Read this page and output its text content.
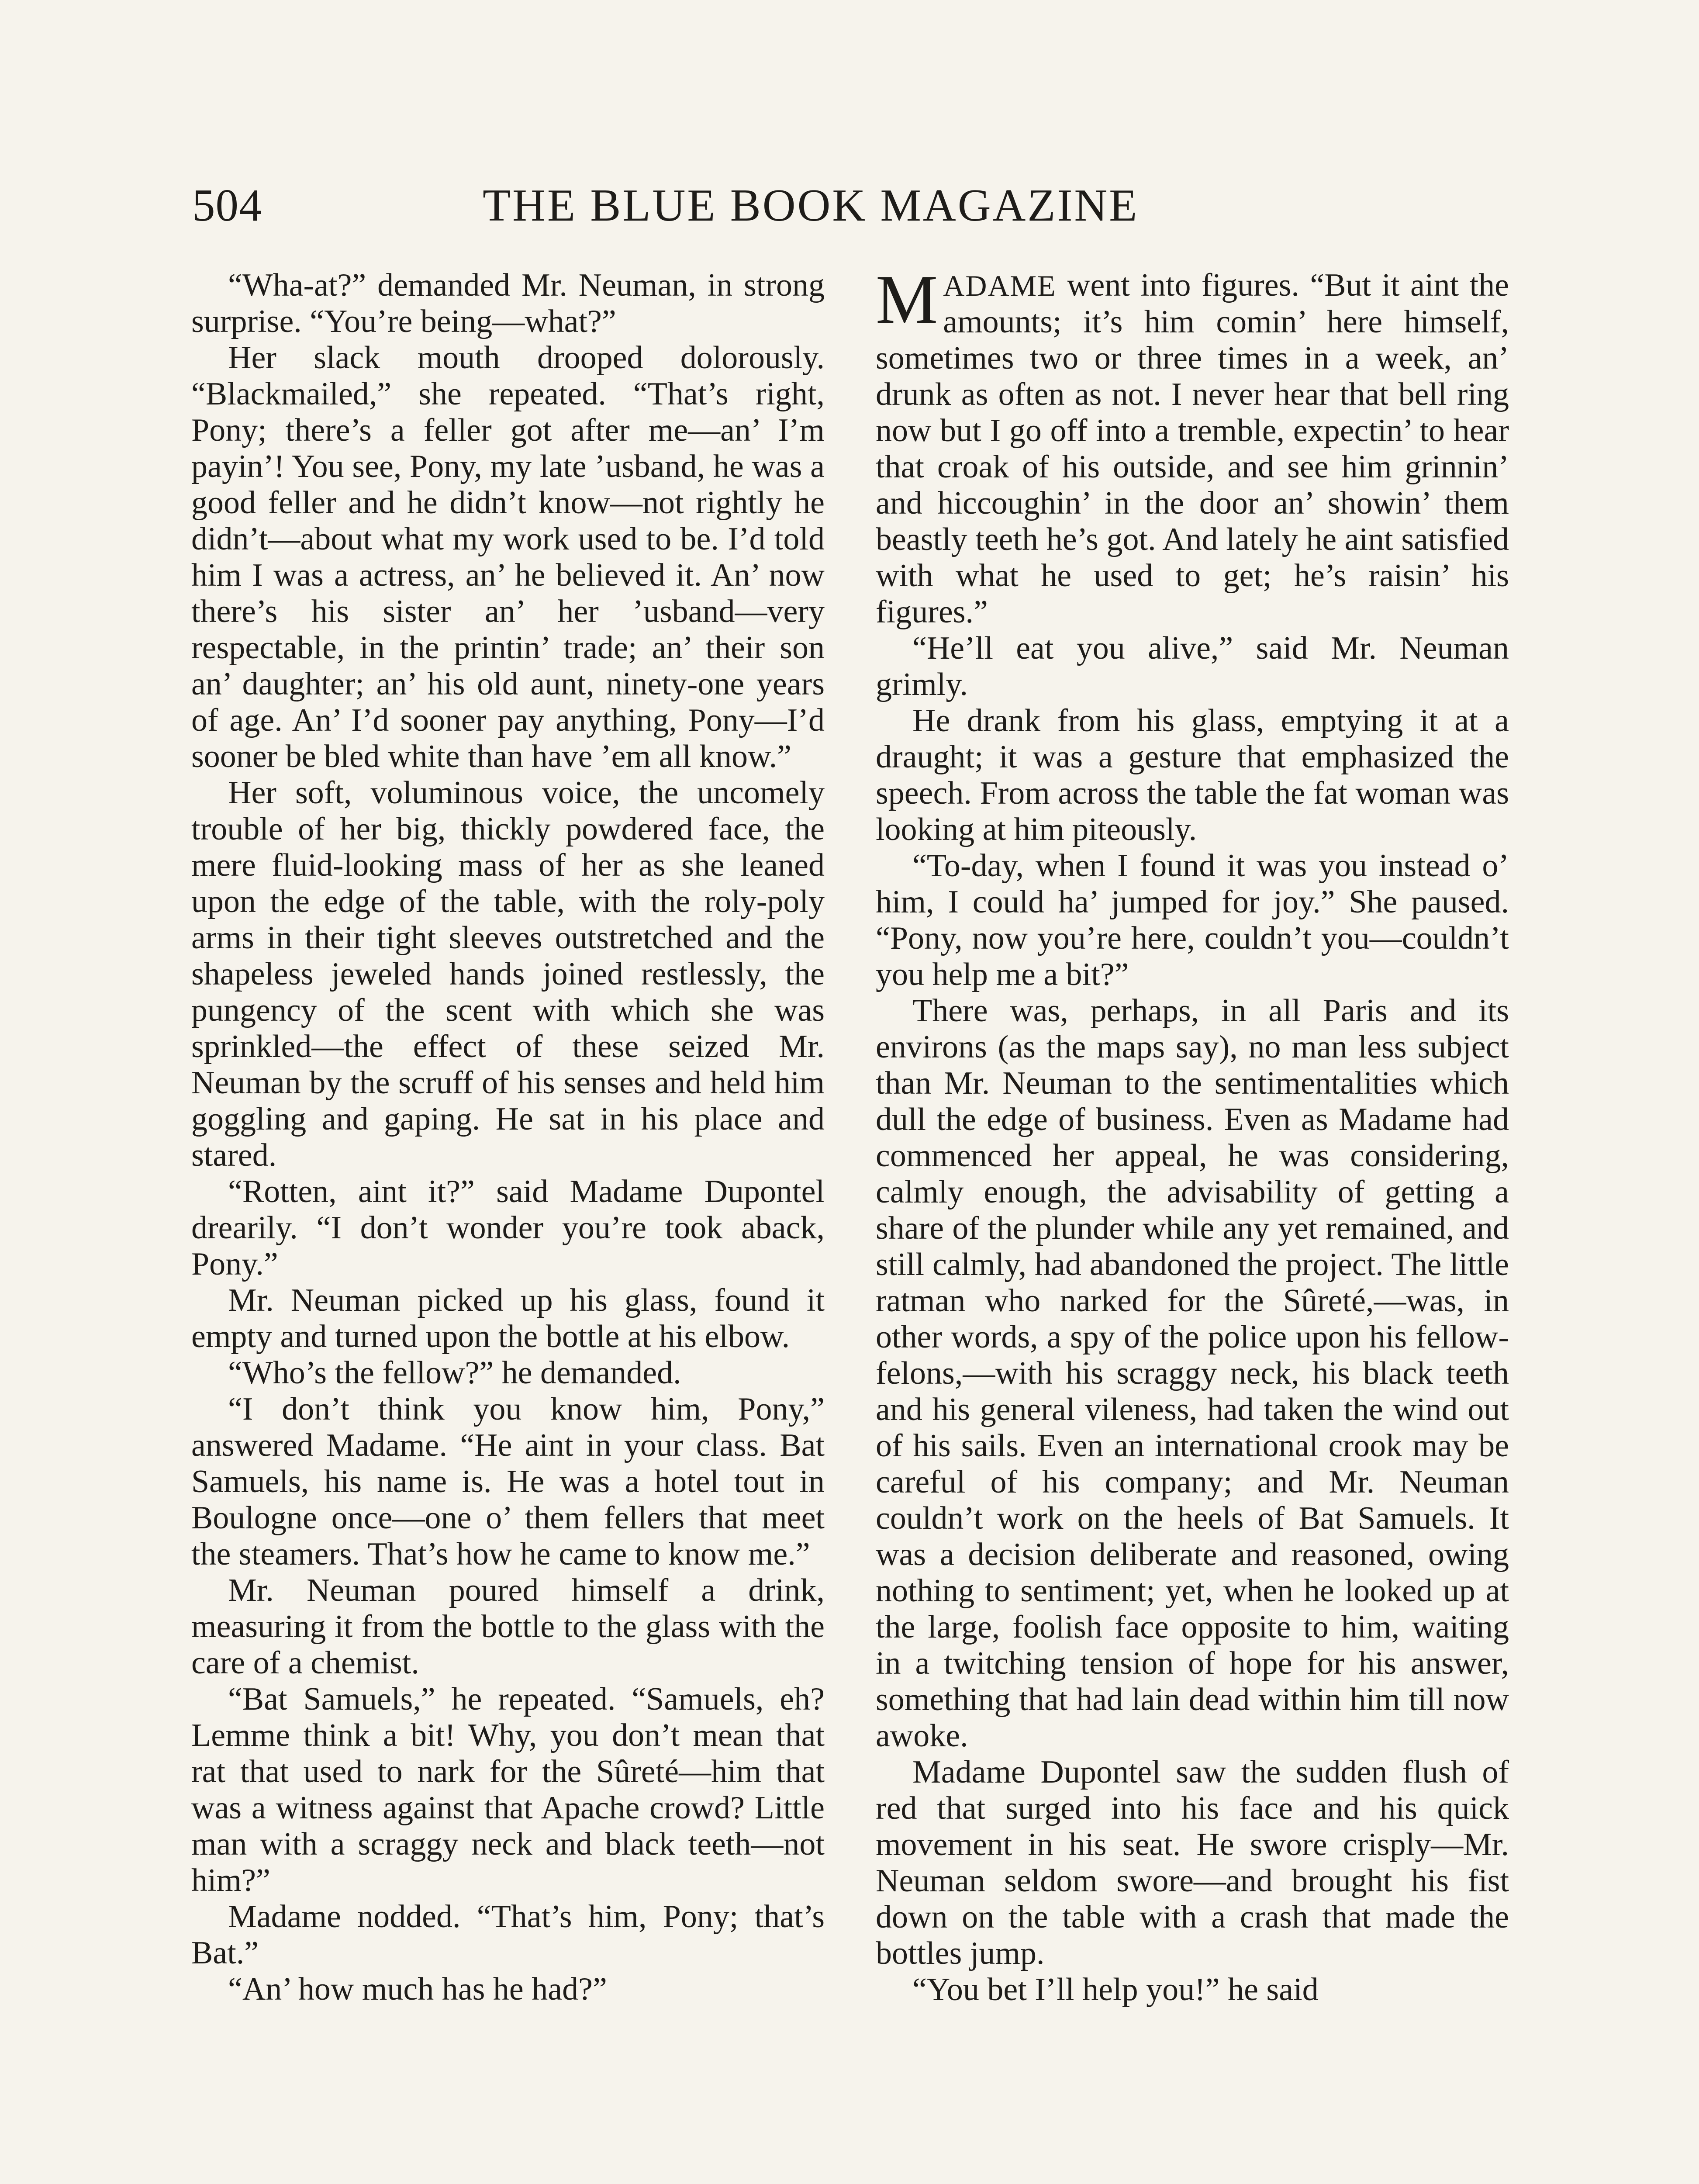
504	THE BLUE BOOK MAGAZINE

“Wha-at?” demanded Mr. Neuman, in strong surprise. “You’re being—what?”

Her slack mouth drooped dolorously. “Blackmailed,” she repeated. “That’s right, Pony; there’s a feller got after me—an’ I’m payin’! You see, Pony, my late ’usband, he was a good feller and he didn’t know—not rightly he didn’t—about what my work used to be. I’d told him I was a actress, an’ he believed it. An’ now there’s his sister an’ her ’usband—very respectable, in the printin’ trade; an’ their son an’ daughter; an’ his old aunt, ninety-one years of age. An’ I’d sooner pay anything, Pony—I’d sooner be bled white than have ’em all know.”

Her soft, voluminous voice, the uncomely trouble of her big, thickly powdered face, the mere fluid-looking mass of her as she leaned upon the edge of the table, with the roly-poly arms in their tight sleeves outstretched and the shapeless jeweled hands joined restlessly, the pungency of the scent with which she was sprinkled—the effect of these seized Mr. Neuman by the scruff of his senses and held him goggling and gaping. He sat in his place and stared.

“Rotten, aint it?” said Madame Dupontel drearily. “I don’t wonder you’re took aback, Pony.”

Mr. Neuman picked up his glass, found it empty and turned upon the bottle at his elbow.

“Who’s the fellow?” he demanded.

“I don’t think you know him, Pony,” answered Madame. “He aint in your class. Bat Samuels, his name is. He was a hotel tout in Boulogne once—one o’ them fellers that meet the steamers. That’s how he came to know me.”

Mr. Neuman poured himself a drink, measuring it from the bottle to the glass with the care of a chemist.

“Bat Samuels,” he repeated. “Samuels, eh? Lemme think a bit! Why, you don’t mean that rat that used to nark for the Sûreté—him that was a witness against that Apache crowd? Little man with a scraggy neck and black teeth—not him?”

Madame nodded. “That’s him, Pony; that’s Bat.”

“An’ how much has he had?”

MADAME went into figures. “But it aint the amounts; it’s him comin’ here himself, sometimes two or three times in a week, an’ drunk as often as not. I never hear that bell ring now but I go off into a tremble, expectin’ to hear that croak of his outside, and see him grinnin’ and hiccoughin’ in the door an’ showin’ them beastly teeth he’s got. And lately he aint satisfied with what he used to get; he’s raisin’ his figures.”

“He’ll eat you alive,” said Mr. Neuman grimly.

He drank from his glass, emptying it at a draught; it was a gesture that emphasized the speech. From across the table the fat woman was looking at him piteously.

“To-day, when I found it was you instead o’ him, I could ha’ jumped for joy.” She paused. “Pony, now you’re here, couldn’t you—couldn’t you help me a bit?”

There was, perhaps, in all Paris and its environs (as the maps say), no man less subject than Mr. Neuman to the sentimentalities which dull the edge of business. Even as Madame had commenced her appeal, he was considering, calmly enough, the advisability of getting a share of the plunder while any yet remained, and still calmly, had abandoned the project. The little ratman who narked for the Sûreté,—was, in other words, a spy of the police upon his fellow-felons,—with his scraggy neck, his black teeth and his general vileness, had taken the wind out of his sails. Even an international crook may be careful of his company; and Mr. Neuman couldn’t work on the heels of Bat Samuels. It was a decision deliberate and reasoned, owing nothing to sentiment; yet, when he looked up at the large, foolish face opposite to him, waiting in a twitching tension of hope for his answer, something that had lain dead within him till now awoke.

Madame Dupontel saw the sudden flush of red that surged into his face and his quick movement in his seat. He swore crisply—Mr. Neuman seldom swore—and brought his fist down on the table with a crash that made the bottles jump.

“You bet I’ll help you!” he said
